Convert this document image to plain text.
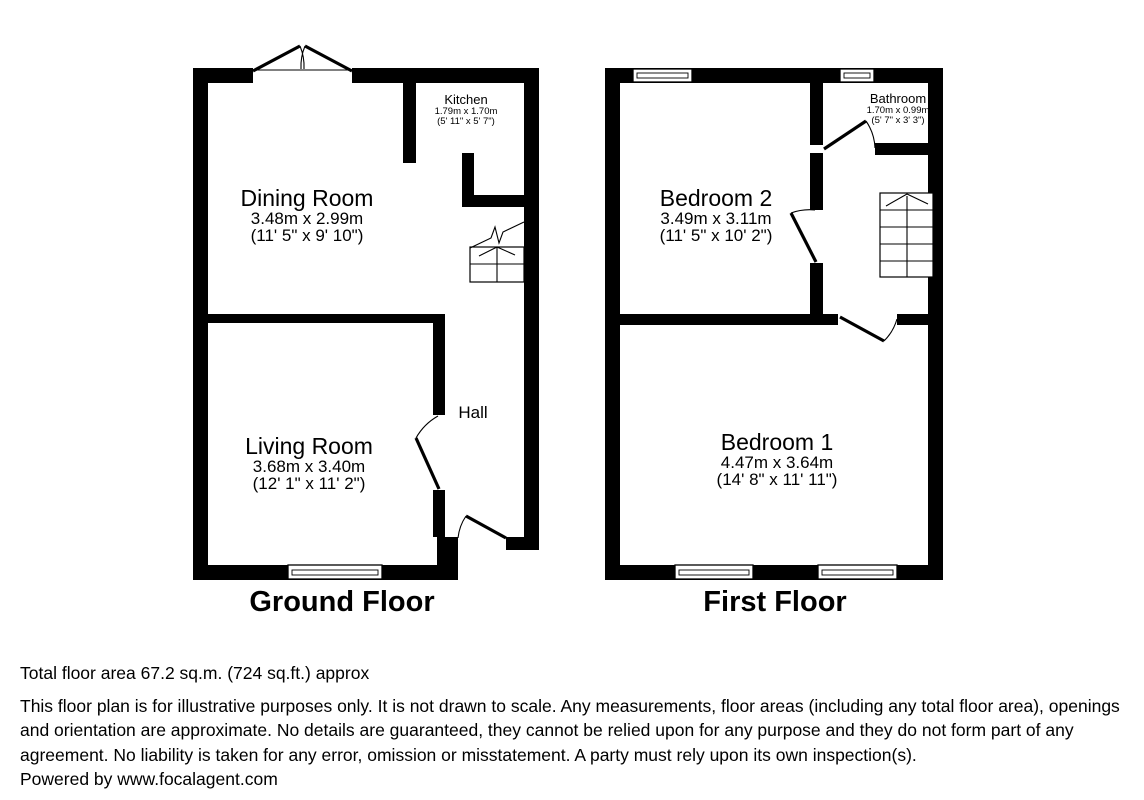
Kitchen
1.79m x 1.70m
(5' 11" x 5' 7")
Dining Room
3.48m x 2.99m
(11' 5" x 9' 10")
Living Room
3.68m x 3.40m
(12' 1" x 11' 2")
Hall
Bathroom
1.70m x 0.99m
(5' 7" x 3' 3")
Bedroom 2
3.49m x 3.11m
(11' 5" x 10' 2")
Bedroom 1
4.47m x 3.64m
(14' 8" x 11' 11")
Ground Floor	First Floor

Total floor area 67.2 sq.m. (724 sq.ft.) approx

This floor plan is for illustrative purposes only. It is not drawn to scale. Any measurements, floor areas (including any total floor area), openings and orientation are approximate. No details are guaranteed, they cannot be relied upon for any purpose and they do not form part of any agreement. No liability is taken for any error, omission or misstatement. A party must rely upon its own inspection(s).

Powered by www.focalagent.com
